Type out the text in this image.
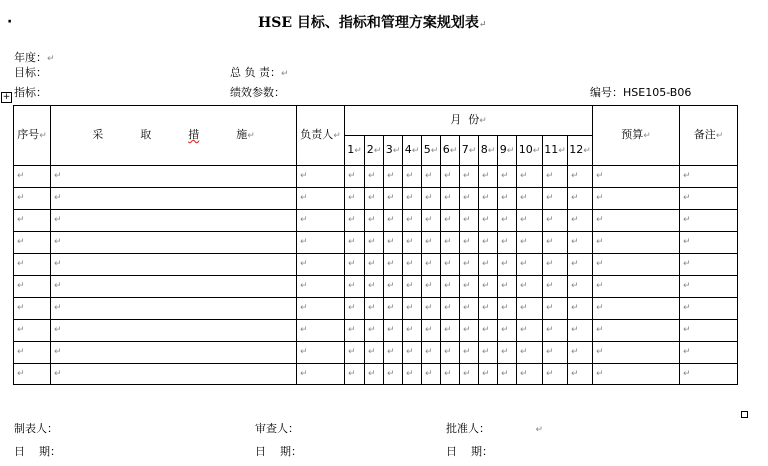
·	HSE 目标、指标和管理方案规划表↵
年度：↵
目标：	总 负 责：↵
指标：	绩效参数：	编号：HSE105-B06
+
序号↵	采 取 措 施↵	负责人↵	月  份↵												预算↵	备注↵
			1↵	2↵	3↵	4↵	5↵	6↵	7↵	8↵	9↵	10↵	11↵	12↵		
↵	↵	↵	↵	↵	↵	↵	↵	↵	↵	↵	↵	↵	↵	↵	↵	↵
↵	↵	↵	↵	↵	↵	↵	↵	↵	↵	↵	↵	↵	↵	↵	↵	↵
↵	↵	↵	↵	↵	↵	↵	↵	↵	↵	↵	↵	↵	↵	↵	↵	↵
↵	↵	↵	↵	↵	↵	↵	↵	↵	↵	↵	↵	↵	↵	↵	↵	↵
↵	↵	↵	↵	↵	↵	↵	↵	↵	↵	↵	↵	↵	↵	↵	↵	↵
↵	↵	↵	↵	↵	↵	↵	↵	↵	↵	↵	↵	↵	↵	↵	↵	↵
↵	↵	↵	↵	↵	↵	↵	↵	↵	↵	↵	↵	↵	↵	↵	↵	↵
↵	↵	↵	↵	↵	↵	↵	↵	↵	↵	↵	↵	↵	↵	↵	↵	↵
↵	↵	↵	↵	↵	↵	↵	↵	↵	↵	↵	↵	↵	↵	↵	↵	↵
↵	↵	↵	↵	↵	↵	↵	↵	↵	↵	↵	↵	↵	↵	↵	↵	↵
制表人：	审查人：	批准人：	↵
日    期：	日    期：	日    期：
